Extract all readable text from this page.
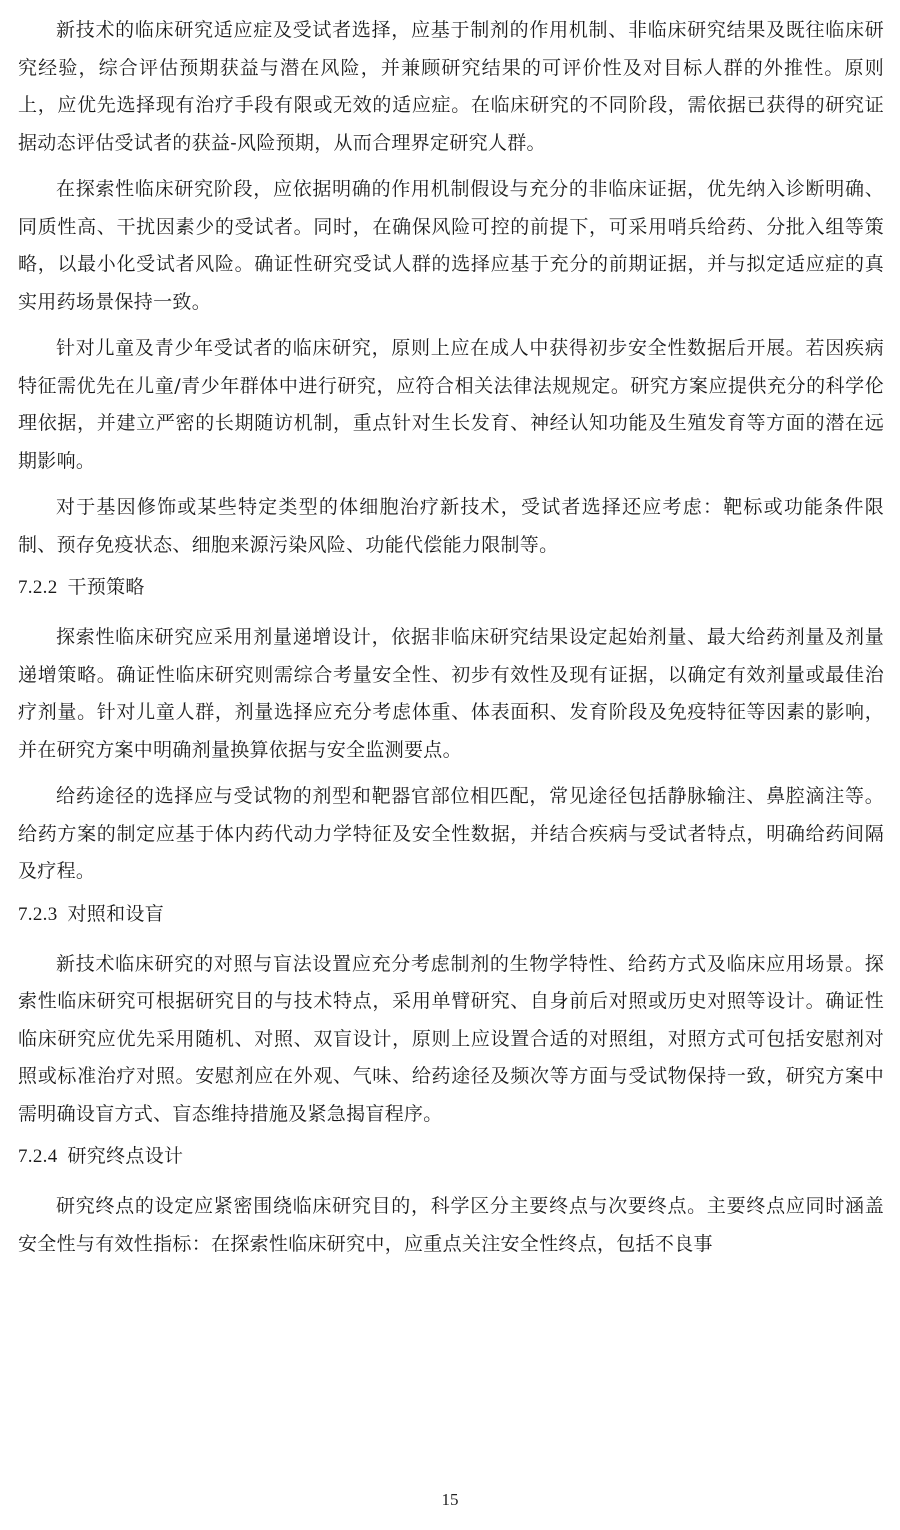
新技术的临床研究适应症及受试者选择，应基于制剂的作用机制、非临床研究结果及既往临床研究经验，综合评估预期获益与潜在风险，并兼顾研究结果的可评价性及对目标人群的外推性。原则上，应优先选择现有治疗手段有限或无效的适应症。在临床研究的不同阶段，需依据已获得的研究证据动态评估受试者的获益-风险预期，从而合理界定研究人群。

在探索性临床研究阶段，应依据明确的作用机制假设与充分的非临床证据，优先纳入诊断明确、同质性高、干扰因素少的受试者。同时，在确保风险可控的前提下，可采用哨兵给药、分批入组等策略，以最小化受试者风险。确证性研究受试人群的选择应基于充分的前期证据，并与拟定适应症的真实用药场景保持一致。

针对儿童及青少年受试者的临床研究，原则上应在成人中获得初步安全性数据后开展。若因疾病特征需优先在儿童/青少年群体中进行研究，应符合相关法律法规规定。研究方案应提供充分的科学伦理依据，并建立严密的长期随访机制，重点针对生长发育、神经认知功能及生殖发育等方面的潜在远期影响。

对于基因修饰或某些特定类型的体细胞治疗新技术，受试者选择还应考虑：靶标或功能条件限制、预存免疫状态、细胞来源污染风险、功能代偿能力限制等。

7.2.2 干预策略

探索性临床研究应采用剂量递增设计，依据非临床研究结果设定起始剂量、最大给药剂量及剂量递增策略。确证性临床研究则需综合考量安全性、初步有效性及现有证据，以确定有效剂量或最佳治疗剂量。针对儿童人群，剂量选择应充分考虑体重、体表面积、发育阶段及免疫特征等因素的影响，并在研究方案中明确剂量换算依据与安全监测要点。

给药途径的选择应与受试物的剂型和靶器官部位相匹配，常见途径包括静脉输注、鼻腔滴注等。给药方案的制定应基于体内药代动力学特征及安全性数据，并结合疾病与受试者特点，明确给药间隔及疗程。

7.2.3 对照和设盲

新技术临床研究的对照与盲法设置应充分考虑制剂的生物学特性、给药方式及临床应用场景。探索性临床研究可根据研究目的与技术特点，采用单臂研究、自身前后对照或历史对照等设计。确证性临床研究应优先采用随机、对照、双盲设计，原则上应设置合适的对照组，对照方式可包括安慰剂对照或标准治疗对照。安慰剂应在外观、气味、给药途径及频次等方面与受试物保持一致，研究方案中需明确设盲方式、盲态维持措施及紧急揭盲程序。

7.2.4 研究终点设计

研究终点的设定应紧密围绕临床研究目的，科学区分主要终点与次要终点。主要终点应同时涵盖安全性与有效性指标：在探索性临床研究中，应重点关注安全性终点，包括不良事

15
